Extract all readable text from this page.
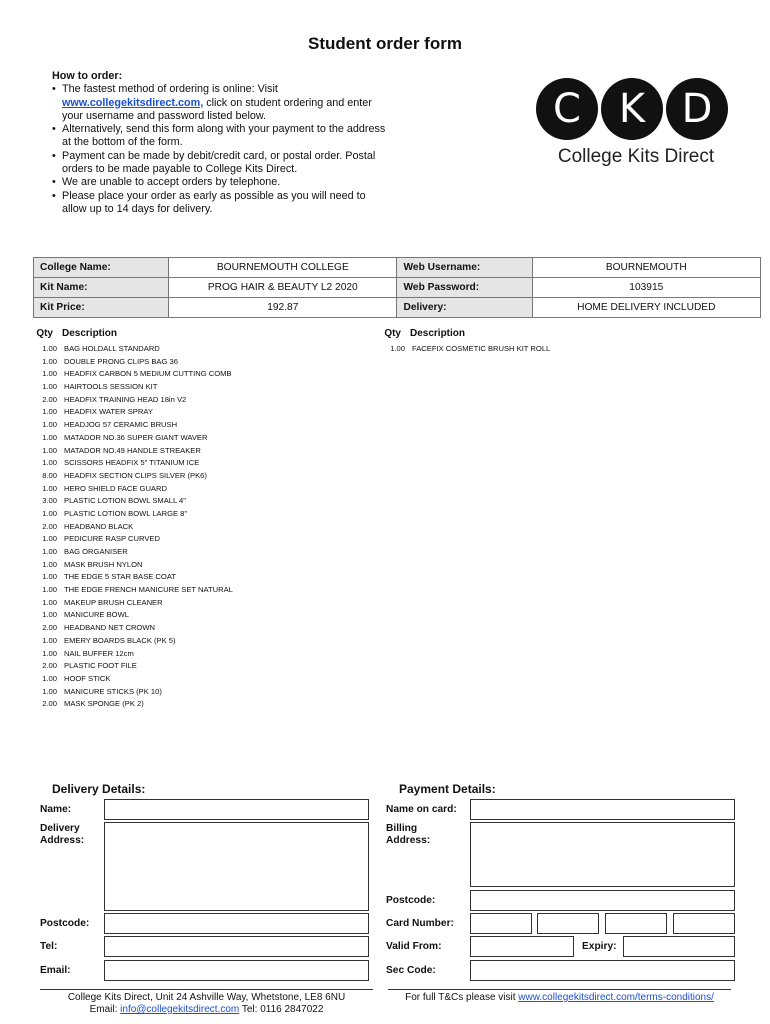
Student order form
How to order:
• The fastest method of ordering is online: Visit
www.collegekitsdirect.com, click on student ordering and enter your username and password listed below.
• Alternatively, send this form along with your payment to the address at the bottom of the form.
• Payment can be made by debit/credit card, or postal order. Postal orders to be made payable to College Kits Direct.
• We are unable to accept orders by telephone.
• Please place your order as early as possible as you will need to allow up to 14 days for delivery.
C K D
College Kits Direct
College Name:	BOURNEMOUTH COLLEGE	Web Username:	BOURNEMOUTH
Kit Name:	PROG HAIR & BEAUTY L2 2020	Web Password:	103915
Kit Price:	192.87	Delivery:	HOME DELIVERY INCLUDED
Qty Description
1.00 BAG HOLDALL STANDARD
1.00 DOUBLE PRONG CLIPS BAG 36
1.00 HEADFIX CARBON 5 MEDIUM CUTTING COMB
1.00 HAIRTOOLS SESSION KIT
2.00 HEADFIX TRAINING HEAD 18in V2
1.00 HEADFIX WATER SPRAY
1.00 HEADJOG 57 CERAMIC BRUSH
1.00 MATADOR NO.36 SUPER GIANT WAVER
1.00 MATADOR NO.49 HANDLE STREAKER
1.00 SCISSORS HEADFIX 5" TITANIUM ICE
8.00 HEADFIX SECTION CLIPS SILVER (PK6)
1.00 HERO SHIELD FACE GUARD
3.00 PLASTIC LOTION BOWL SMALL 4"
1.00 PLASTIC LOTION BOWL LARGE 8"
2.00 HEADBAND BLACK
1.00 PEDICURE RASP CURVED
1.00 BAG ORGANISER
1.00 MASK BRUSH NYLON
1.00 THE EDGE 5 STAR BASE COAT
1.00 THE EDGE FRENCH MANICURE SET NATURAL
1.00 MAKEUP BRUSH CLEANER
1.00 MANICURE BOWL
2.00 HEADBAND NET CROWN
1.00 EMERY BOARDS BLACK (PK 5)
1.00 NAIL BUFFER 12cm
2.00 PLASTIC FOOT FILE
1.00 HOOF STICK
1.00 MANICURE STICKS (PK 10)
2.00 MASK SPONGE (PK 2)
Qty Description
1.00 FACEFIX COSMETIC BRUSH KIT ROLL
Delivery Details:
Name:
Delivery Address:
Postcode:
Tel:
Email:
Payment Details:
Name on card:
Billing Address:
Postcode:
Card Number:
Valid From:	Expiry:
Sec Code:
College Kits Direct, Unit 24 Ashville Way, Whetstone, LE8 6NU
Email: info@collegekitsdirect.com Tel: 0116 2847022
For full T&Cs please visit www.collegekitsdirect.com/terms-conditions/
